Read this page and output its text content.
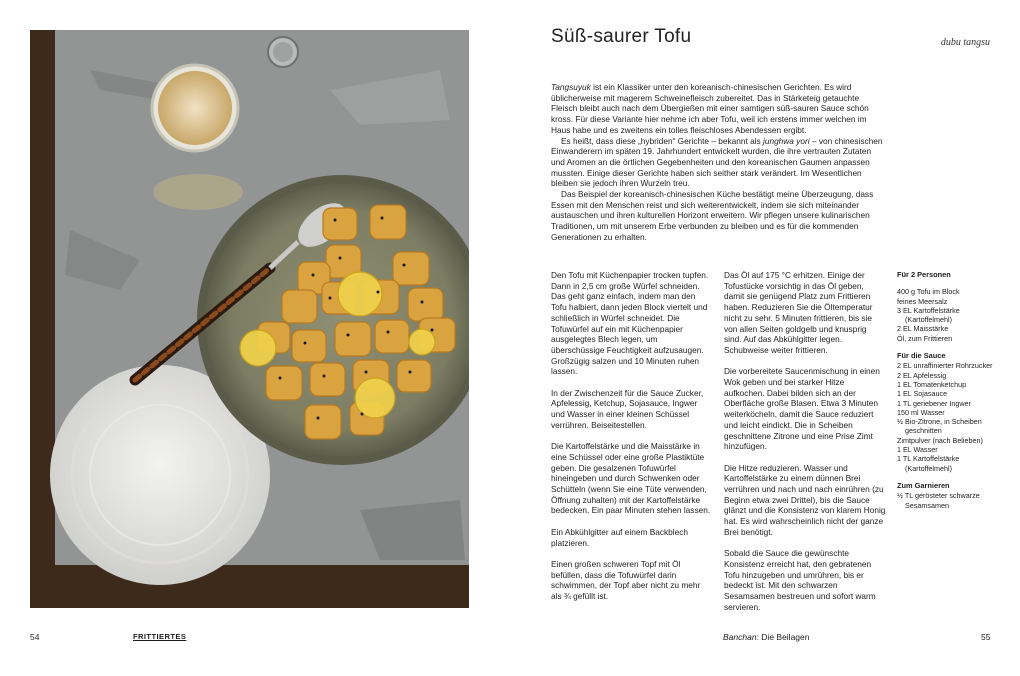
Süß-saurer Tofu	dubu tangsu

Tangsuyuk ist ein Klassiker unter den koreanisch-chinesischen Gerichten. Es wird üblicherweise mit magerem Schweinefleisch zubereitet. Das in Stärketeig getauchte Fleisch bleibt auch nach dem Übergießen mit einer samtigen süß-sauren Sauce schön kross. Für diese Variante hier nehme ich aber Tofu, weil ich erstens immer welchen im Haus habe und es zweitens ein tolles fleischloses Abendessen ergibt.

Es heißt, dass diese „hybriden“ Gerichte – bekannt als junghwa yori – von chinesischen Einwanderern im späten 19. Jahrhundert entwickelt wurden, die ihre vertrauten Zutaten und Aromen an die örtlichen Gegebenheiten und den koreanischen Gaumen anpassen mussten. Einige dieser Gerichte haben sich seither stark verändert. Im Wesentlichen bleiben sie jedoch ihren Wurzeln treu.

Das Beispiel der koreanisch-chinesischen Küche bestätigt meine Überzeugung, dass Essen mit den Menschen reist und sich weiterentwickelt, indem sie sich miteinander austauschen und ihren kulturellen Horizont erweitern. Wir pflegen unsere kulinarischen Traditionen, um mit unserem Erbe verbunden zu bleiben und es für die kommenden Generationen zu erhalten.

Den Tofu mit Küchenpapier trocken tupfen. Dann in 2,5 cm große Würfel schneiden. Das geht ganz einfach, indem man den Tofu halbiert, dann jeden Block viertelt und schließlich in Würfel schneidet. Die Tofuwürfel auf ein mit Küchenpapier ausgelegtes Blech legen, um überschüssige Feuchtigkeit aufzusaugen. Großzügig salzen und 10 Minuten ruhen lassen.

In der Zwischenzeit für die Sauce Zucker, Apfelessig, Ketchup, Sojasauce, Ingwer und Wasser in einer kleinen Schüssel verrühren. Beiseitestellen.

Die Kartoffelstärke und die Maisstärke in eine Schüssel oder eine große Plastiktüte geben. Die gesalzenen Tofuwürfel hineingeben und durch Schwenken oder Schütteln (wenn Sie eine Tüte verwenden, Öffnung zuhalten) mit der Kartoffelstärke bedecken. Ein paar Minuten stehen lassen.

Ein Abkühlgitter auf einem Backblech platzieren.

Einen großen schweren Topf mit Öl befüllen, dass die Tofuwürfel darin schwimmen, der Topf aber nicht zu mehr als ¾ gefüllt ist.

Das Öl auf 175 °C erhitzen. Einige der Tofustücke vorsichtig in das Öl geben, damit sie genügend Platz zum Frittieren haben. Reduzieren Sie die Öltemperatur nicht zu sehr. 5 Minuten frittieren, bis sie von allen Seiten goldgelb und knusprig sind. Auf das Abkühlgitter legen. Schubweise weiter frittieren.

Die vorbereitete Saucenmischung in einen Wok geben und bei starker Hitze aufkochen. Dabei bilden sich an der Oberfläche große Blasen. Etwa 3 Minuten weiterköcheln, damit die Sauce reduziert und leicht eindickt. Die in Scheiben geschnittene Zitrone und eine Prise Zimt hinzufügen.

Die Hitze reduzieren. Wasser und Kartoffelstärke zu einem dünnen Brei verrühren und nach und nach einrühren (zu Beginn etwa zwei Drittel), bis die Sauce glänzt und die Konsistenz von klarem Honig hat. Es wird wahrscheinlich nicht der ganze Brei benötigt.

Sobald die Sauce die gewünschte Konsistenz erreicht hat, den gebratenen Tofu hinzugeben und umrühren, bis er bedeckt ist. Mit den schwarzen Sesamsamen bestreuen und sofort warm servieren.

Für 2 Personen
400 g Tofu im Block
feines Meersalz
3 EL Kartoffelstärke (Kartoffelmehl)
2 EL Maisstärke
Öl, zum Frittieren
Für die Sauce
2 EL unraffinierter Rohrzucker
2 EL Apfelessig
1 EL Tomatenketchup
1 EL Sojasauce
1 TL geriebener Ingwer
150 ml Wasser
½ Bio-Zitrone, in Scheiben geschnitten
Zimtpulver (nach Belieben)
1 EL Wasser
1 TL Kartoffelstärke (Kartoffelmehl)
Zum Garnieren
½ TL gerösteter schwarze Sesamsamen
54	FRITTIERTES	Banchan: Die Beilagen	55
